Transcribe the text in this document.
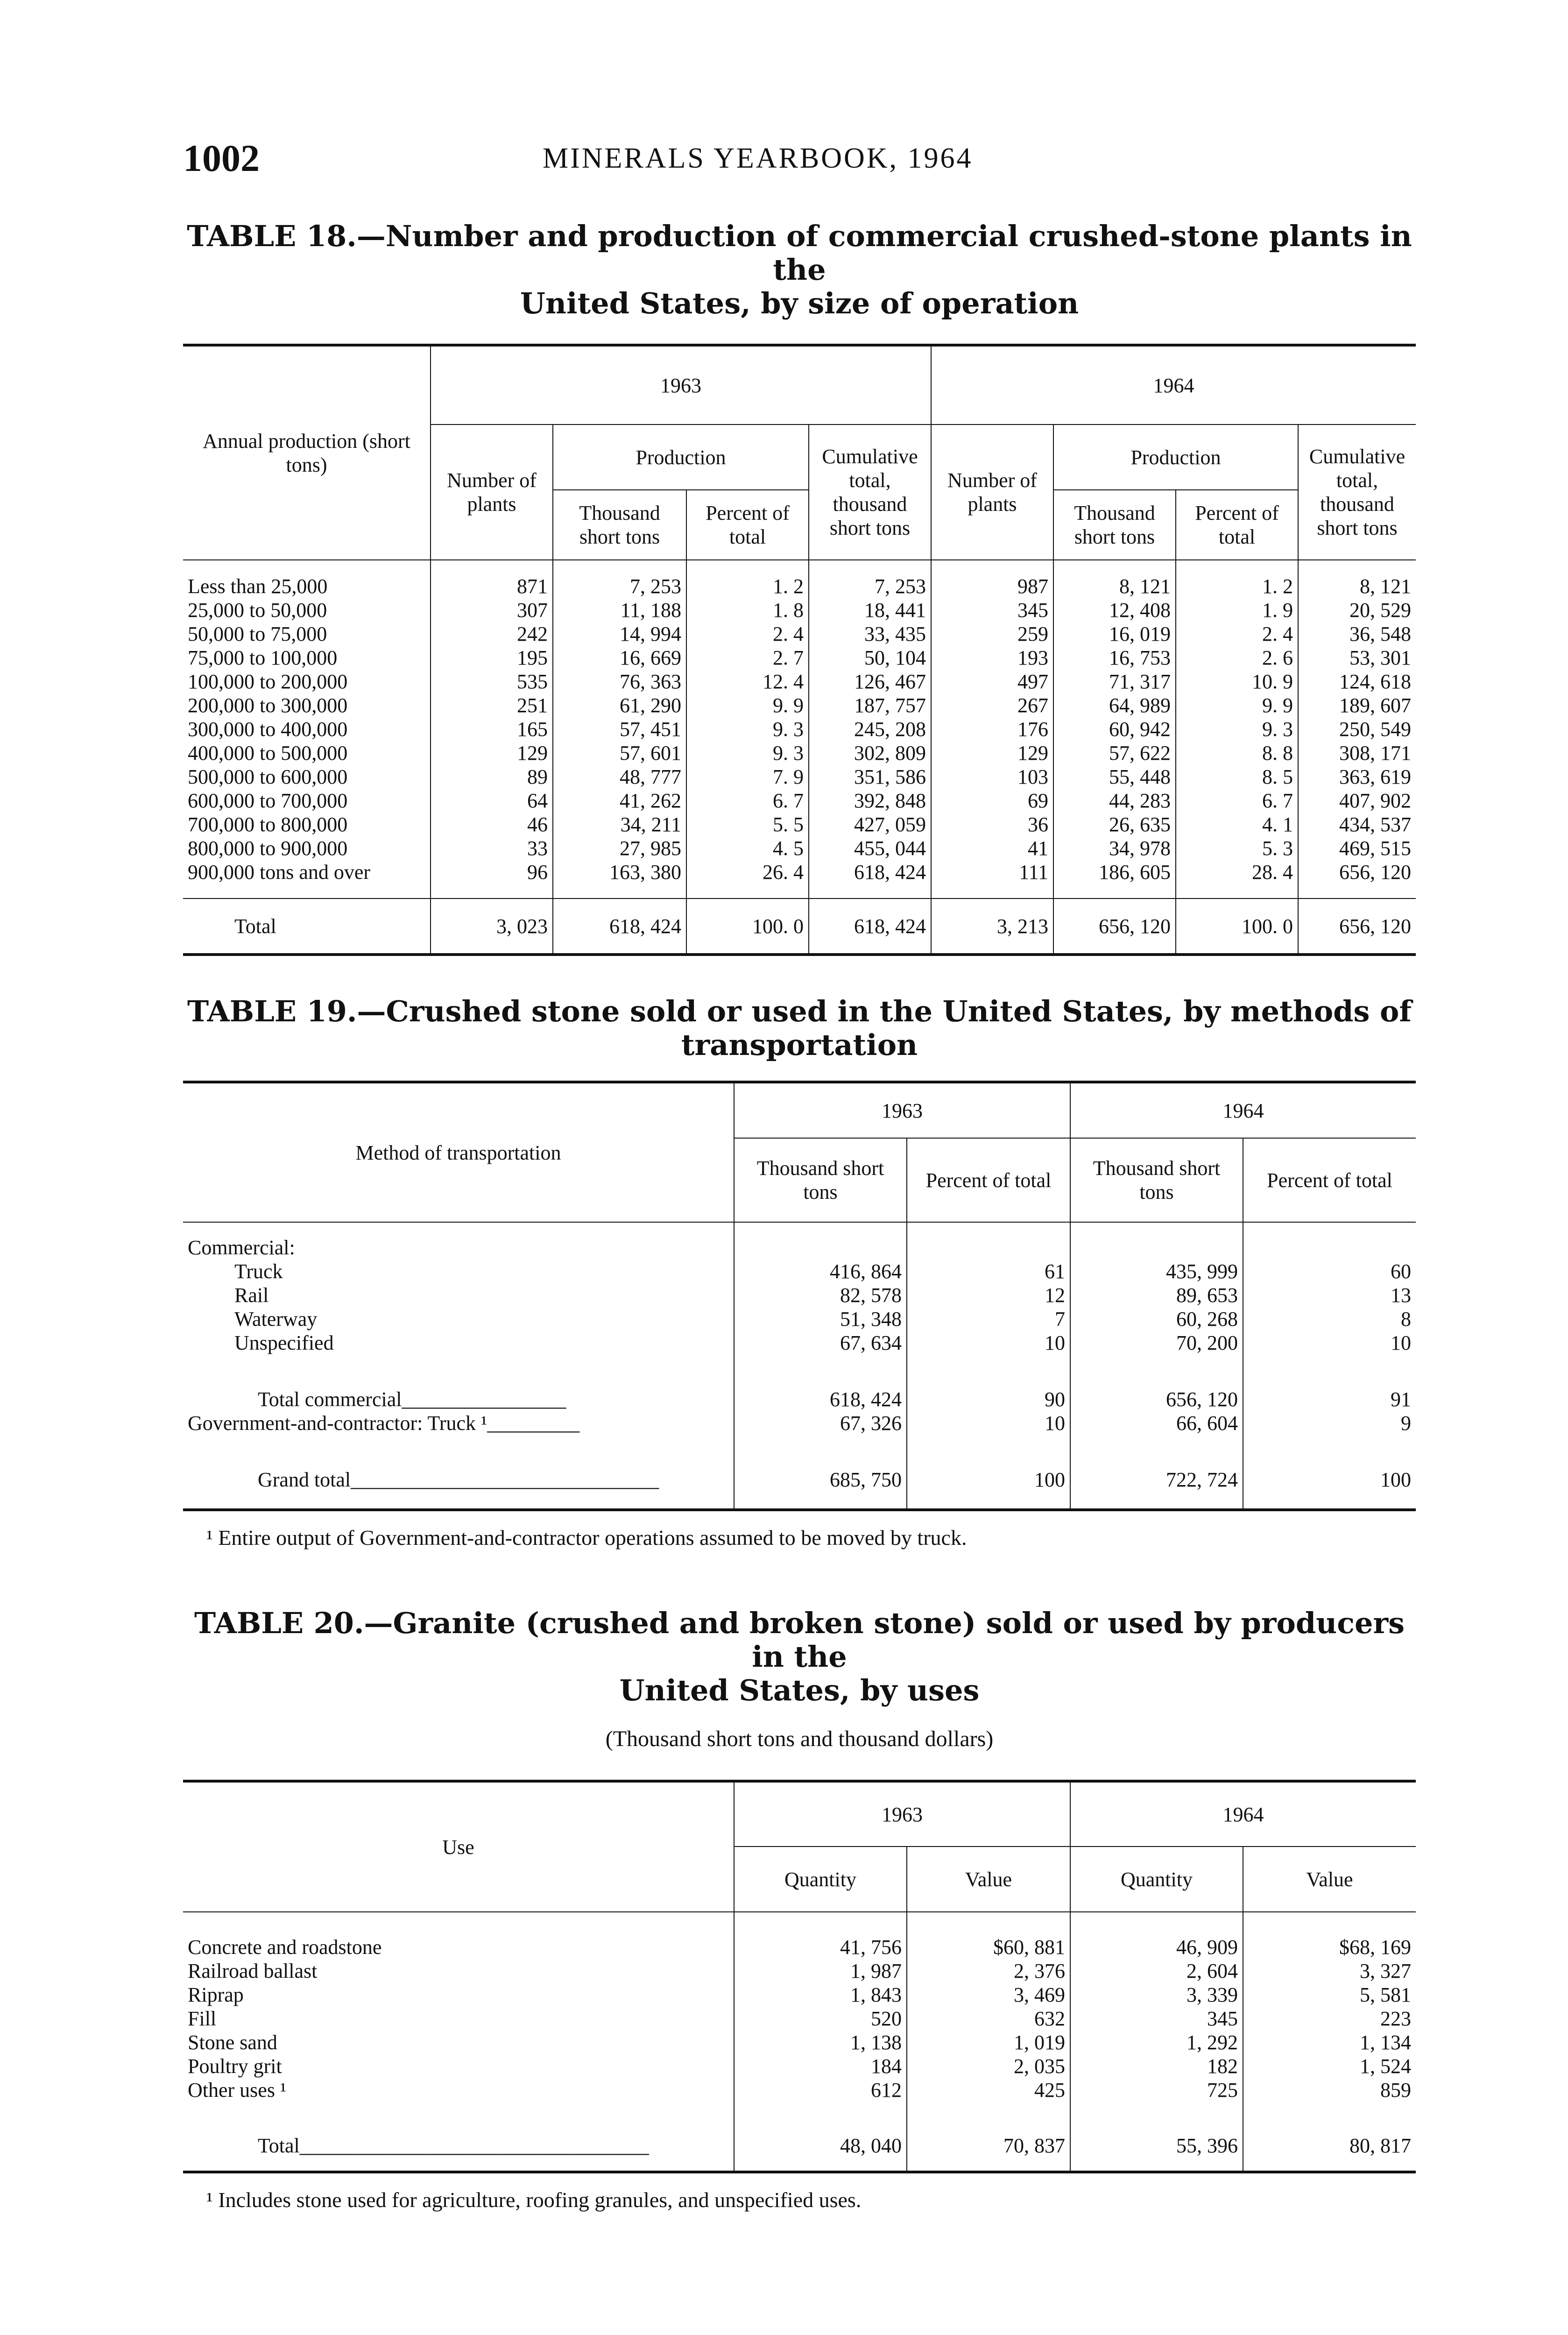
1002	MINERALS YEARBOOK, 1964
TABLE 18.—Number and production of commercial crushed-stone plants in the
United States, by size of operation
Annual production (short tons)	1963				1964			
	Number of plants	Production		Cumulative total, thousand short tons	Number of plants	Production		Cumulative total, thousand short tons
		Thousand short tons	Percent of total			Thousand short tons	Percent of total	
Less than 25,000	871	7, 253	1. 2	7, 253	987	8, 121	1. 2	8, 121
25,000 to 50,000	307	11, 188	1. 8	18, 441	345	12, 408	1. 9	20, 529
50,000 to 75,000	242	14, 994	2. 4	33, 435	259	16, 019	2. 4	36, 548
75,000 to 100,000	195	16, 669	2. 7	50, 104	193	16, 753	2. 6	53, 301
100,000 to 200,000	535	76, 363	12. 4	126, 467	497	71, 317	10. 9	124, 618
200,000 to 300,000	251	61, 290	9. 9	187, 757	267	64, 989	9. 9	189, 607
300,000 to 400,000	165	57, 451	9. 3	245, 208	176	60, 942	9. 3	250, 549
400,000 to 500,000	129	57, 601	9. 3	302, 809	129	57, 622	8. 8	308, 171
500,000 to 600,000	89	48, 777	7. 9	351, 586	103	55, 448	8. 5	363, 619
600,000 to 700,000	64	41, 262	6. 7	392, 848	69	44, 283	6. 7	407, 902
700,000 to 800,000	46	34, 211	5. 5	427, 059	36	26, 635	4. 1	434, 537
800,000 to 900,000	33	27, 985	4. 5	455, 044	41	34, 978	5. 3	469, 515
900,000 tons and over	96	163, 380	26. 4	618, 424	111	186, 605	28. 4	656, 120
Total	3, 023	618, 424	100. 0	618, 424	3, 213	656, 120	100. 0	656, 120
TABLE 19.—Crushed stone sold or used in the United States, by methods of
transportation
Method of transportation	1963		1964	
	Thousand short tons	Percent of total	Thousand short tons	Percent of total
Commercial:				
Truck	416, 864	61	435, 999	60
Rail	82, 578	12	89, 653	13
Waterway	51, 348	7	60, 268	8
Unspecified	67, 634	10	70, 200	10

Total commercial________________	618, 424	90	656, 120	91
Government-and-contractor: Truck ¹_________	67, 326	10	66, 604	9

Grand total______________________________	685, 750	100	722, 724	100
¹ Entire output of Government-and-contractor operations assumed to be moved by truck.
TABLE 20.—Granite (crushed and broken stone) sold or used by producers in the
United States, by uses
(Thousand short tons and thousand dollars)
Use	1963		1964	
	Quantity	Value	Quantity	Value

Concrete and roadstone	41, 756	$60, 881	46, 909	$68, 169
Railroad ballast	1, 987	2, 376	2, 604	3, 327
Riprap	1, 843	3, 469	3, 339	5, 581
Fill	520	632	345	223
Stone sand	1, 138	1, 019	1, 292	1, 134
Poultry grit	184	2, 035	182	1, 524
Other uses ¹	612	425	725	859

Total__________________________________	48, 040	70, 837	55, 396	80, 817
¹ Includes stone used for agriculture, roofing granules, and unspecified uses.
